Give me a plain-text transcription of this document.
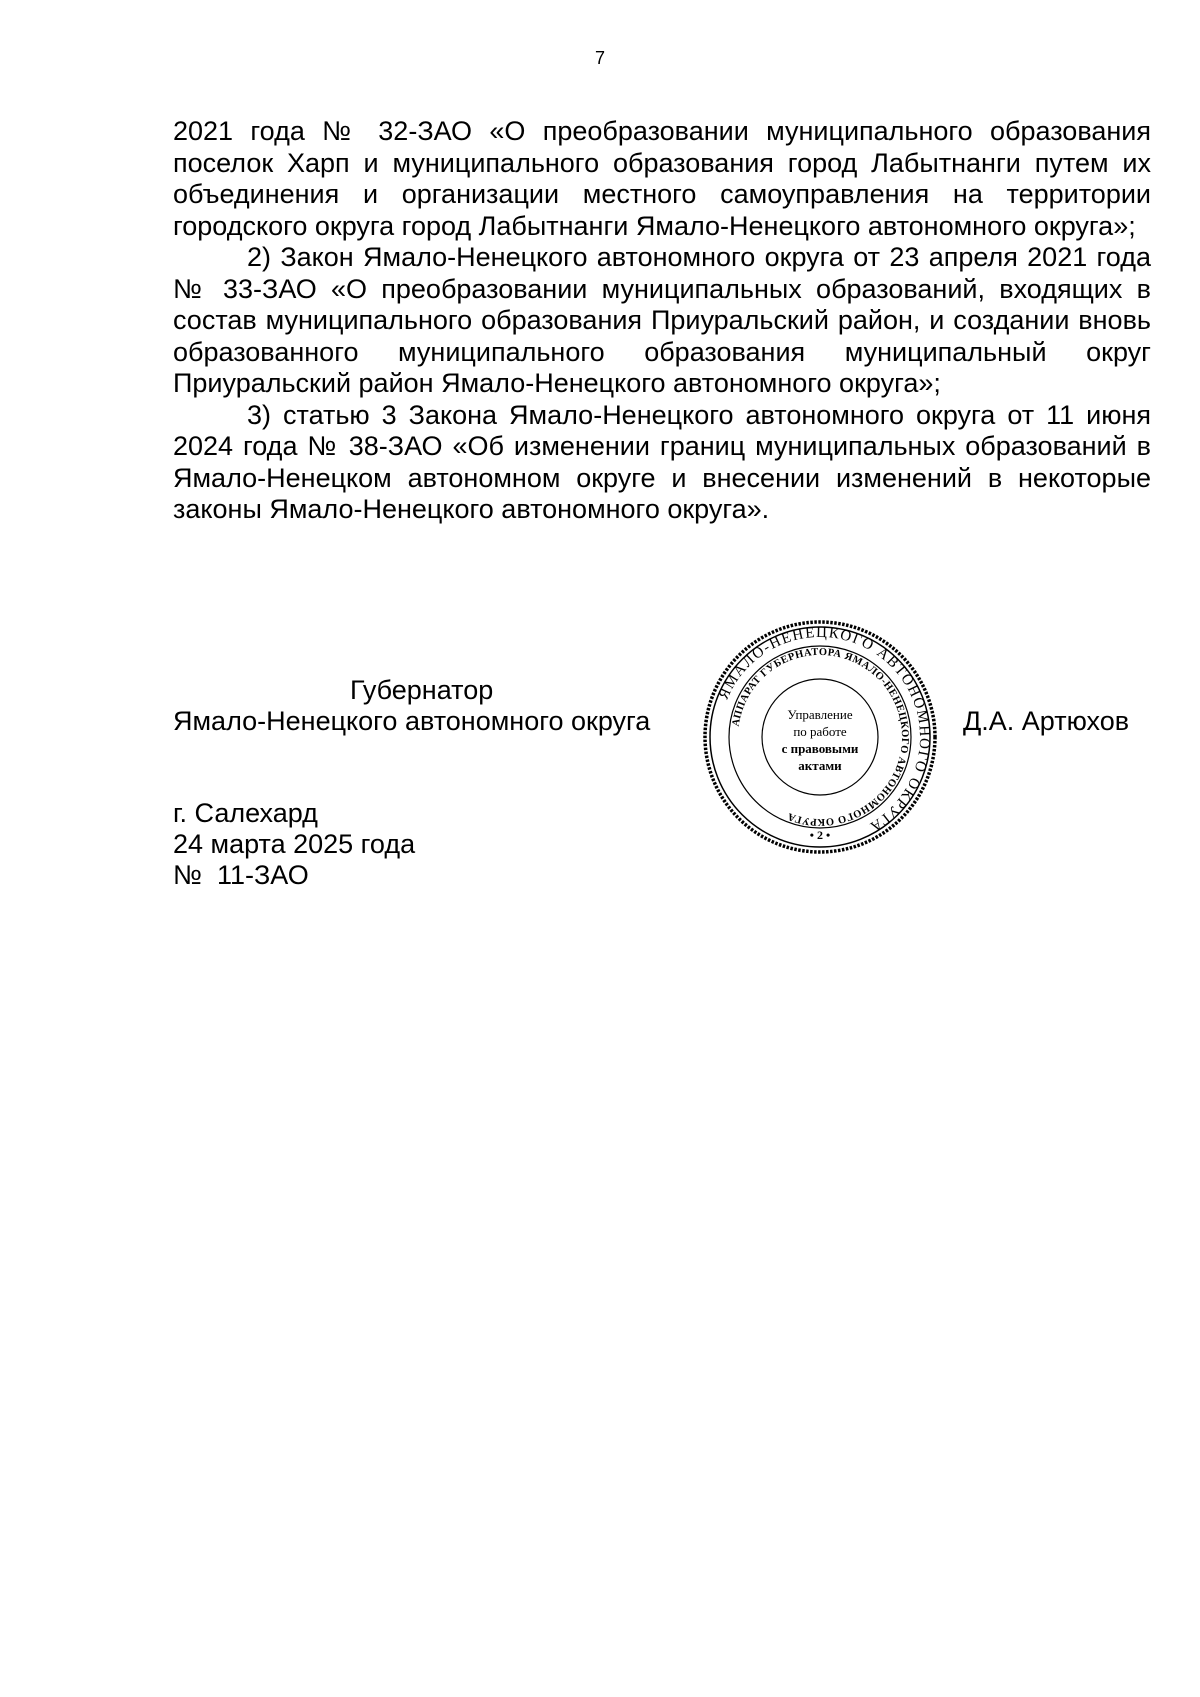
7

2021 года № 32-ЗАО «О преобразовании муниципального образования поселок Харп и муниципального образования город Лабытнанги путем их объединения и организации местного самоуправления на территории городского округа город Лабытнанги Ямало-Ненецкого автономного округа»;

2) Закон Ямало-Ненецкого автономного округа от 23 апреля 2021 года № 33-ЗАО «О преобразовании муниципальных образований, входящих в состав муниципального образования Приуральский район, и создании вновь образованного муниципального образования муниципальный округ Приуральский район Ямало-Ненецкого автономного округа»;

3) статью 3 Закона Ямало-Ненецкого автономного округа от 11 июня 2024 года № 38-ЗАО «Об изменении границ муниципальных образований в Ямало-Ненецком автономном округе и внесении изменений в некоторые законы Ямало-Ненецкого автономного округа».

Губернатор
Ямало-Ненецкого автономного округа	Д.А. Артюхов
ЯМАЛО-НЕНЕЦКОГО АВТОНОМНОГО ОКРУГА
АППАРАТ ГУБЕРНАТОРА ЯМАЛО-НЕНЕЦКОГО АВТОНОМНОГО ОКРУГА
Управление
по работе
с правовыми
актами
• 2 •
г. Салехард
24 марта 2025 года
№  11-ЗАО
